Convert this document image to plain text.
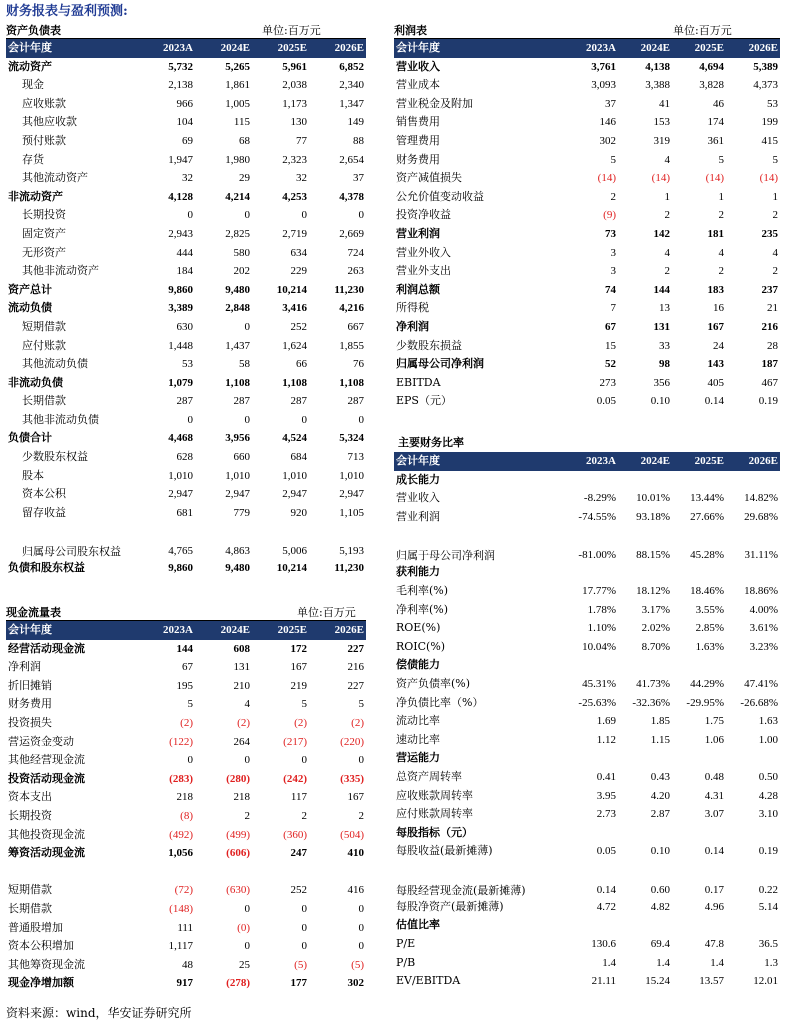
财务报表与盈利预测:
资产负债表	单位:百万元
会计年度	2023A	2024E	2025E	2026E
流动资产	5,732	5,265	5,961	6,852
现金	2,138	1,861	2,038	2,340
应收账款	966	1,005	1,173	1,347
其他应收款	104	115	130	149
预付账款	69	68	77	88
存货	1,947	1,980	2,323	2,654
其他流动资产	32	29	32	37
非流动资产	4,128	4,214	4,253	4,378
长期投资	0	0	0	0
固定资产	2,943	2,825	2,719	2,669
无形资产	444	580	634	724
其他非流动资产	184	202	229	263
资产总计	9,860	9,480	10,214	11,230
流动负债	3,389	2,848	3,416	4,216
短期借款	630	0	252	667
应付账款	1,448	1,437	1,624	1,855
其他流动负债	53	58	66	76
非流动负债	1,079	1,108	1,108	1,108
长期借款	287	287	287	287
其他非流动负债	0	0	0	0
负债合计	4,468	3,956	4,524	5,324
少数股东权益	628	660	684	713
股本	1,010	1,010	1,010	1,010
资本公积	2,947	2,947	2,947	2,947
留存收益	681	779	920	1,105
归属母公司股东权益	4,765	4,863	5,006	5,193
负债和股东权益	9,860	9,480	10,214	11,230
现金流量表	单位:百万元
会计年度	2023A	2024E	2025E	2026E
经营活动现金流	144	608	172	227
净利润	67	131	167	216
折旧摊销	195	210	219	227
财务费用	5	4	5	5
投资损失	(2)	(2)	(2)	(2)
营运资金变动	(122)	264	(217)	(220)
其他经营现金流	0	0	0	0
投资活动现金流	(283)	(280)	(242)	(335)
资本支出	218	218	117	167
长期投资	(8)	2	2	2
其他投资现金流	(492)	(499)	(360)	(504)
筹资活动现金流	1,056	(606)	247	410

短期借款	(72)	(630)	252	416
长期借款	(148)	0	0	0
普通股增加	111	(0)	0	0
资本公积增加	1,117	0	0	0
其他筹资现金流	48	25	(5)	(5)
现金净增加额	917	(278)	177	302
利润表	单位:百万元
会计年度	2023A	2024E	2025E	2026E
营业收入	3,761	4,138	4,694	5,389
营业成本	3,093	3,388	3,828	4,373
营业税金及附加	37	41	46	53
销售费用	146	153	174	199
管理费用	302	319	361	415
财务费用	5	4	5	5
资产减值损失	(14)	(14)	(14)	(14)
公允价值变动收益	2	1	1	1
投资净收益	(9)	2	2	2
营业利润	73	142	181	235
营业外收入	3	4	4	4
营业外支出	3	2	2	2
利润总额	74	144	183	237
所得税	7	13	16	21
净利润	67	131	167	216
少数股东损益	15	33	24	28
归属母公司净利润	52	98	143	187
EBITDA	273	356	405	467
EPS（元）	0.05	0.10	0.14	0.19
主要财务比率
会计年度	2023A	2024E	2025E	2026E
成长能力				
营业收入	-8.29%	10.01%	13.44%	14.82%
营业利润	-74.55%	93.18%	27.66%	29.68%
归属于母公司净利润	-81.00%	88.15%	45.28%	31.11%
获利能力				
毛利率(%)	17.77%	18.12%	18.46%	18.86%
净利率(%)	1.78%	3.17%	3.55%	4.00%
ROE(%)	1.10%	2.02%	2.85%	3.61%
ROIC(%)	10.04%	8.70%	1.63%	3.23%
偿债能力				
资产负债率(%)	45.31%	41.73%	44.29%	47.41%
净负债比率（%）	-25.63%	-32.36%	-29.95%	-26.68%
流动比率	1.69	1.85	1.75	1.63
速动比率	1.12	1.15	1.06	1.00
营运能力				
总资产周转率	0.41	0.43	0.48	0.50
应收账款周转率	3.95	4.20	4.31	4.28
应付账款周转率	2.73	2.87	3.07	3.10
每股指标（元）				
每股收益(最新摊薄)	0.05	0.10	0.14	0.19
每股经营现金流(最新摊薄)	0.14	0.60	0.17	0.22
每股净资产(最新摊薄)	4.72	4.82	4.96	5.14
估值比率				
P/E	130.6	69.4	47.8	36.5
P/B	1.4	1.4	1.4	1.3
EV/EBITDA	21.11	15.24	13.57	12.01
资料来源：wind，华安证券研究所
